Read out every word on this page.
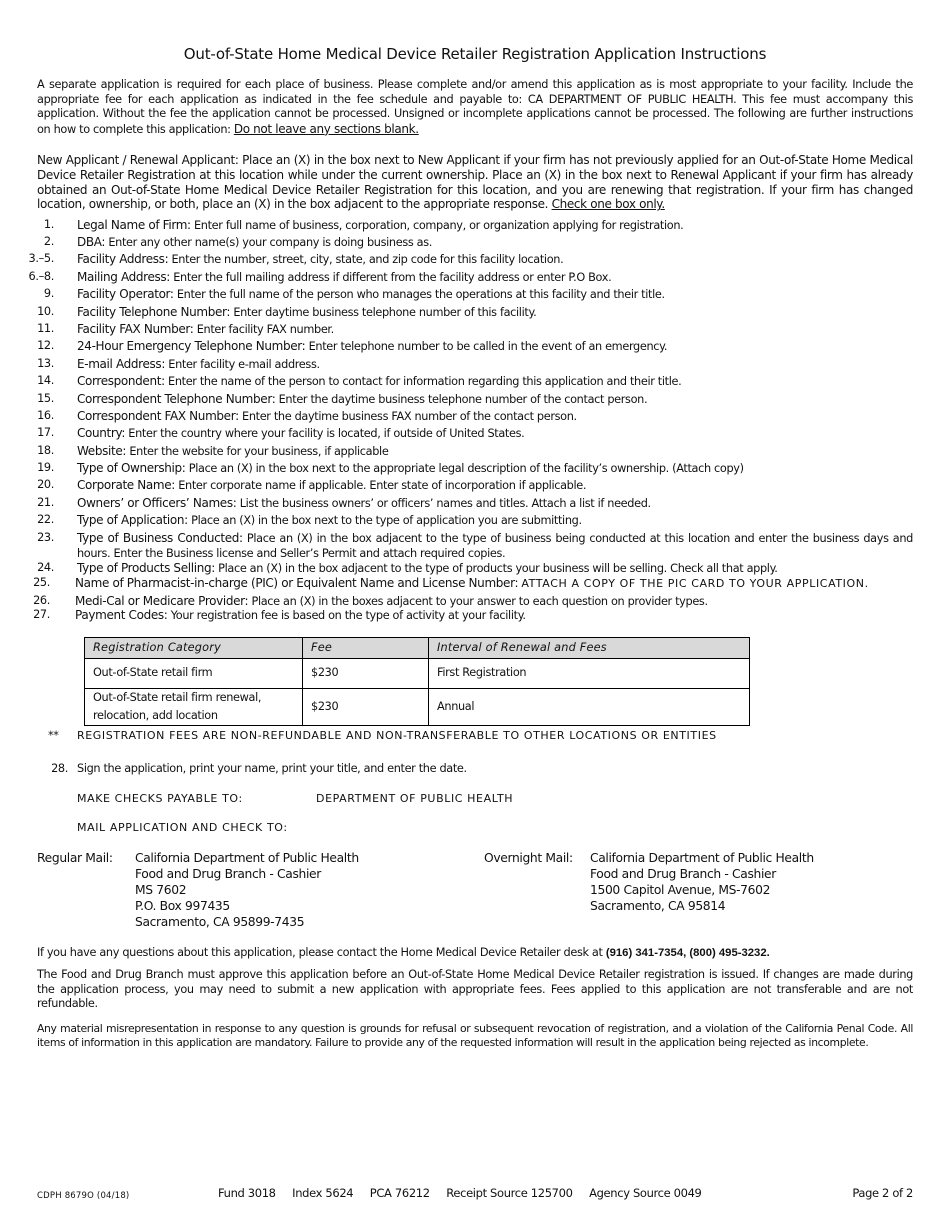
Out-of-State Home Medical Device Retailer Registration Application Instructions

A separate application is required for each place of business. Please complete and/or amend this application as is most appropriate to your facility. Include the appropriate fee for each application as indicated in the fee schedule and payable to: CA DEPARTMENT OF PUBLIC HEALTH. This fee must accompany this application. Without the fee the application cannot be processed. Unsigned or incomplete applications cannot be processed. The following are further instructions on how to complete this application: Do not leave any sections blank.

New Applicant / Renewal Applicant: Place an (X) in the box next to New Applicant if your firm has not previously applied for an Out-of-State Home Medical Device Retailer Registration at this location while under the current ownership. Place an (X) in the box next to Renewal Applicant if your firm has already obtained an Out-of-State Home Medical Device Retailer Registration for this location, and you are renewing that registration. If your firm has changed location, ownership, or both, place an (X) in the box adjacent to the appropriate response. Check one box only.

1.	Legal Name of Firm: Enter full name of business, corporation, company, or organization applying for registration.
2.	DBA: Enter any other name(s) your company is doing business as.
3.–5.	Facility Address: Enter the number, street, city, state, and zip code for this facility location.
6.–8.	Mailing Address: Enter the full mailing address if different from the facility address or enter P.O Box.
9.	Facility Operator: Enter the full name of the person who manages the operations at this facility and their title.
10.	Facility Telephone Number: Enter daytime business telephone number of this facility.
11.	Facility FAX Number: Enter facility FAX number.
12.	24-Hour Emergency Telephone Number: Enter telephone number to be called in the event of an emergency.
13.	E-mail Address: Enter facility e-mail address.
14.	Correspondent: Enter the name of the person to contact for information regarding this application and their title.
15.	Correspondent Telephone Number: Enter the daytime business telephone number of the contact person.
16.	Correspondent FAX Number: Enter the daytime business FAX number of the contact person.
17.	Country: Enter the country where your facility is located, if outside of United States.
18.	Website: Enter the website for your business, if applicable
19.	Type of Ownership: Place an (X) in the box next to the appropriate legal description of the facility’s ownership. (Attach copy)
20.	Corporate Name: Enter corporate name if applicable. Enter state of incorporation if applicable.
21.	Owners’ or Officers’ Names: List the business owners’ or officers’ names and titles. Attach a list if needed.
22.	Type of Application: Place an (X) in the box next to the type of application you are submitting.
23.	Type of Business Conducted: Place an (X) in the box adjacent to the type of business being conducted at this location and enter the business days and hours. Enter the Business license and Seller’s Permit and attach required copies.
24.	Type of Products Selling: Place an (X) in the box adjacent to the type of products your business will be selling. Check all that apply.
25.	Name of Pharmacist-in-charge (PIC) or Equivalent Name and License Number: ATTACH A COPY OF THE PIC CARD TO YOUR APPLICATION.
26.	Medi-Cal or Medicare Provider: Place an (X) in the boxes adjacent to your answer to each question on provider types.
27.	Payment Codes: Your registration fee is based on the type of activity at your facility.
Registration Category	Fee	Interval of Renewal and Fees
Out-of-State retail firm	$230	First Registration
Out-of-State retail firm renewal, relocation, add location	$230	Annual
** REGISTRATION FEES ARE NON-REFUNDABLE AND NON-TRANSFERABLE TO OTHER LOCATIONS OR ENTITIES
28. Sign the application, print your name, print your title, and enter the date.
MAKE CHECKS PAYABLE TO:	DEPARTMENT OF PUBLIC HEALTH
MAIL APPLICATION AND CHECK TO:
Regular Mail: California Department of Public Health
Food and Drug Branch - Cashier
MS 7602
P.O. Box 997435
Sacramento, CA 95899-7435
Overnight Mail: California Department of Public Health
Food and Drug Branch - Cashier
1500 Capitol Avenue, MS-7602
Sacramento, CA 95814

If you have any questions about this application, please contact the Home Medical Device Retailer desk at (916) 341-7354, (800) 495-3232.

The Food and Drug Branch must approve this application before an Out-of-State Home Medical Device Retailer registration is issued. If changes are made during the application process, you may need to submit a new application with appropriate fees. Fees applied to this application are not transferable and are not refundable.

Any material misrepresentation in response to any question is grounds for refusal or subsequent revocation of registration, and a violation of the California Penal Code. All items of information in this application are mandatory. Failure to provide any of the requested information will result in the application being rejected as incomplete.

CDPH 8679O (04/18)	Fund 3018 Index 5624 PCA 76212 Receipt Source 125700 Agency Source 0049	Page 2 of 2
